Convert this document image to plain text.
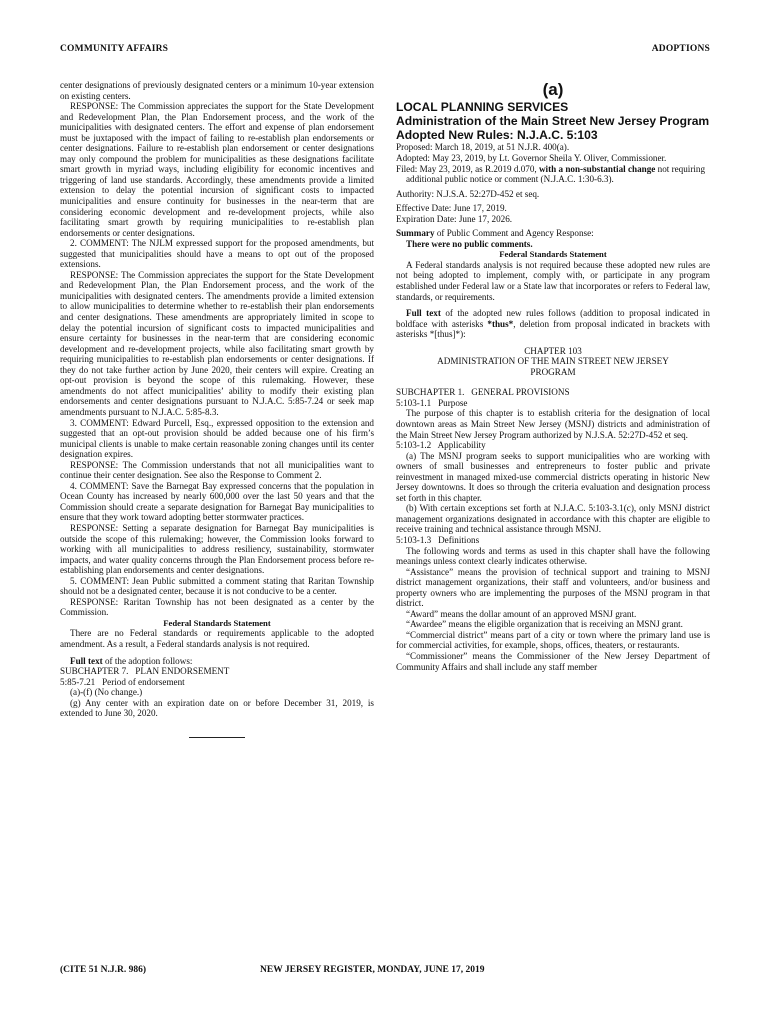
COMMUNITY AFFAIRS	ADOPTIONS

center designations of previously designated centers or a minimum 10-year extension on existing centers.

RESPONSE: The Commission appreciates the support for the State Development and Redevelopment Plan, the Plan Endorsement process, and the work of the municipalities with designated centers. The effort and expense of plan endorsement must be juxtaposed with the impact of failing to re-establish plan endorsements or center designations. Failure to re-establish plan endorsement or center designations may only compound the problem for municipalities as these designations facilitate smart growth in myriad ways, including eligibility for economic incentives and triggering of land use standards. Accordingly, these amendments provide a limited extension to delay the potential incursion of significant costs to impacted municipalities and ensure continuity for businesses in the near-term that are considering economic development and re-development projects, while also facilitating smart growth by requiring municipalities to re-establish plan endorsements or center designations.

2. COMMENT: The NJLM expressed support for the proposed amendments, but suggested that municipalities should have a means to opt out of the proposed extensions.

RESPONSE: The Commission appreciates the support for the State Development and Redevelopment Plan, the Plan Endorsement process, and the work of the municipalities with designated centers. The amendments provide a limited extension to allow municipalities to determine whether to re-establish their plan endorsements and center designations. These amendments are appropriately limited in scope to delay the potential incursion of significant costs to impacted municipalities and ensure certainty for businesses in the near-term that are considering economic development and re-development projects, while also facilitating smart growth by requiring municipalities to re-establish plan endorsements or center designations. If they do not take further action by June 2020, their centers will expire. Creating an opt-out provision is beyond the scope of this rulemaking. However, these amendments do not affect municipalities’ ability to modify their existing plan endorsements and center designations pursuant to N.J.A.C. 5:85-7.24 or seek map amendments pursuant to N.J.A.C. 5:85-8.3.

3. COMMENT: Edward Purcell, Esq., expressed opposition to the extension and suggested that an opt-out provision should be added because one of his firm’s municipal clients is unable to make certain reasonable zoning changes until its center designation expires.

RESPONSE: The Commission understands that not all municipalities want to continue their center designation. See also the Response to Comment 2.

4. COMMENT: Save the Barnegat Bay expressed concerns that the population in Ocean County has increased by nearly 600,000 over the last 50 years and that the Commission should create a separate designation for Barnegat Bay municipalities to ensure that they work toward adopting better stormwater practices.

RESPONSE: Setting a separate designation for Barnegat Bay municipalities is outside the scope of this rulemaking; however, the Commission looks forward to working with all municipalities to address resiliency, sustainability, stormwater impacts, and water quality concerns through the Plan Endorsement process before re-establishing plan endorsements and center designations.

5. COMMENT: Jean Public submitted a comment stating that Raritan Township should not be a designated center, because it is not conducive to be a center.

RESPONSE: Raritan Township has not been designated as a center by the Commission.

Federal Standards Statement

There are no Federal standards or requirements applicable to the adopted amendment. As a result, a Federal standards analysis is not required.

Full text of the adoption follows:

SUBCHAPTER 7.   PLAN ENDORSEMENT

5:85-7.21   Period of endorsement

(a)-(f) (No change.)

(g) Any center with an expiration date on or before December 31, 2019, is extended to June 30, 2020.

(a)

LOCAL PLANNING SERVICES

Administration of the Main Street New Jersey Program

Adopted New Rules: N.J.A.C. 5:103

Proposed: March 18, 2019, at 51 N.J.R. 400(a).

Adopted: May 23, 2019, by Lt. Governor Sheila Y. Oliver, Commissioner.

Filed: May 23, 2019, as R.2019 d.070, with a non-substantial change not requiring additional public notice or comment (N.J.A.C. 1:30-6.3).

Authority: N.J.S.A. 52:27D-452 et seq.

Effective Date: June 17, 2019.

Expiration Date: June 17, 2026.

Summary of Public Comment and Agency Response:

There were no public comments.

Federal Standards Statement

A Federal standards analysis is not required because these adopted new rules are not being adopted to implement, comply with, or participate in any program established under Federal law or a State law that incorporates or refers to Federal law, standards, or requirements.

Full text of the adopted new rules follows (addition to proposal indicated in boldface with asterisks *thus*, deletion from proposal indicated in brackets with asterisks *[thus]*):

CHAPTER 103

ADMINISTRATION OF THE MAIN STREET NEW JERSEY PROGRAM

SUBCHAPTER 1.   GENERAL PROVISIONS

5:103-1.1   Purpose

The purpose of this chapter is to establish criteria for the designation of local downtown areas as Main Street New Jersey (MSNJ) districts and administration of the Main Street New Jersey Program authorized by N.J.S.A. 52:27D-452 et seq.

5:103-1.2   Applicability

(a) The MSNJ program seeks to support municipalities who are working with owners of small businesses and entrepreneurs to foster public and private reinvestment in managed mixed-use commercial districts operating in historic New Jersey downtowns. It does so through the criteria evaluation and designation process set forth in this chapter.

(b) With certain exceptions set forth at N.J.A.C. 5:103-3.1(c), only MSNJ district management organizations designated in accordance with this chapter are eligible to receive training and technical assistance through MSNJ.

5:103-1.3   Definitions

The following words and terms as used in this chapter shall have the following meanings unless context clearly indicates otherwise.

“Assistance” means the provision of technical support and training to MSNJ district management organizations, their staff and volunteers, and/or business and property owners who are implementing the purposes of the MSNJ program in that district.

“Award” means the dollar amount of an approved MSNJ grant.

“Awardee” means the eligible organization that is receiving an MSNJ grant.

“Commercial district” means part of a city or town where the primary land use is for commercial activities, for example, shops, offices, theaters, or restaurants.

“Commissioner” means the Commissioner of the New Jersey Department of Community Affairs and shall include any staff member

(CITE 51 N.J.R. 986)	NEW JERSEY REGISTER, MONDAY, JUNE 17, 2019
